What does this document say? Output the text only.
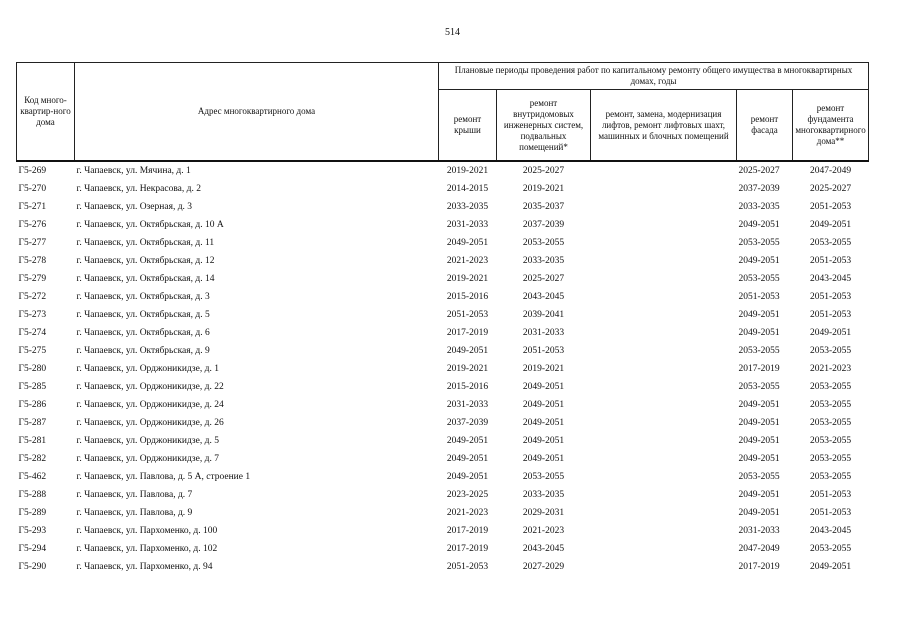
514
Код много-квартир-ного дома	Адрес многоквартирного дома	Плановые периоды проведения работ по капитальному ремонту общего имущества в многоквартирных домах, годы				
		ремонт крыши	ремонт внутридомовых инженерных систем, подвальных помещений*	ремонт, замена, модернизация лифтов, ремонт лифтовых шахт, машинных и блочных помещений	ремонт фасада	ремонт фундамента многоквартирного дома**
Г5-269	г. Чапаевск, ул. Мячина, д. 1	2019-2021	2025-2027		2025-2027	2047-2049
Г5-270	г. Чапаевск, ул. Некрасова, д. 2	2014-2015	2019-2021		2037-2039	2025-2027
Г5-271	г. Чапаевск, ул. Озерная, д. 3	2033-2035	2035-2037		2033-2035	2051-2053
Г5-276	г. Чапаевск, ул. Октябрьская, д. 10 А	2031-2033	2037-2039		2049-2051	2049-2051
Г5-277	г. Чапаевск, ул. Октябрьская, д. 11	2049-2051	2053-2055		2053-2055	2053-2055
Г5-278	г. Чапаевск, ул. Октябрьская, д. 12	2021-2023	2033-2035		2049-2051	2051-2053
Г5-279	г. Чапаевск, ул. Октябрьская, д. 14	2019-2021	2025-2027		2053-2055	2043-2045
Г5-272	г. Чапаевск, ул. Октябрьская, д. 3	2015-2016	2043-2045		2051-2053	2051-2053
Г5-273	г. Чапаевск, ул. Октябрьская, д. 5	2051-2053	2039-2041		2049-2051	2051-2053
Г5-274	г. Чапаевск, ул. Октябрьская, д. 6	2017-2019	2031-2033		2049-2051	2049-2051
Г5-275	г. Чапаевск, ул. Октябрьская, д. 9	2049-2051	2051-2053		2053-2055	2053-2055
Г5-280	г. Чапаевск, ул. Орджоникидзе, д. 1	2019-2021	2019-2021		2017-2019	2021-2023
Г5-285	г. Чапаевск, ул. Орджоникидзе, д. 22	2015-2016	2049-2051		2053-2055	2053-2055
Г5-286	г. Чапаевск, ул. Орджоникидзе, д. 24	2031-2033	2049-2051		2049-2051	2053-2055
Г5-287	г. Чапаевск, ул. Орджоникидзе, д. 26	2037-2039	2049-2051		2049-2051	2053-2055
Г5-281	г. Чапаевск, ул. Орджоникидзе, д. 5	2049-2051	2049-2051		2049-2051	2053-2055
Г5-282	г. Чапаевск, ул. Орджоникидзе, д. 7	2049-2051	2049-2051		2049-2051	2053-2055
Г5-462	г. Чапаевск, ул. Павлова, д. 5 А, строение 1	2049-2051	2053-2055		2053-2055	2053-2055
Г5-288	г. Чапаевск, ул. Павлова, д. 7	2023-2025	2033-2035		2049-2051	2051-2053
Г5-289	г. Чапаевск, ул. Павлова, д. 9	2021-2023	2029-2031		2049-2051	2051-2053
Г5-293	г. Чапаевск, ул. Пархоменко, д. 100	2017-2019	2021-2023		2031-2033	2043-2045
Г5-294	г. Чапаевск, ул. Пархоменко, д. 102	2017-2019	2043-2045		2047-2049	2053-2055
Г5-290	г. Чапаевск, ул. Пархоменко, д. 94	2051-2053	2027-2029		2017-2019	2049-2051
